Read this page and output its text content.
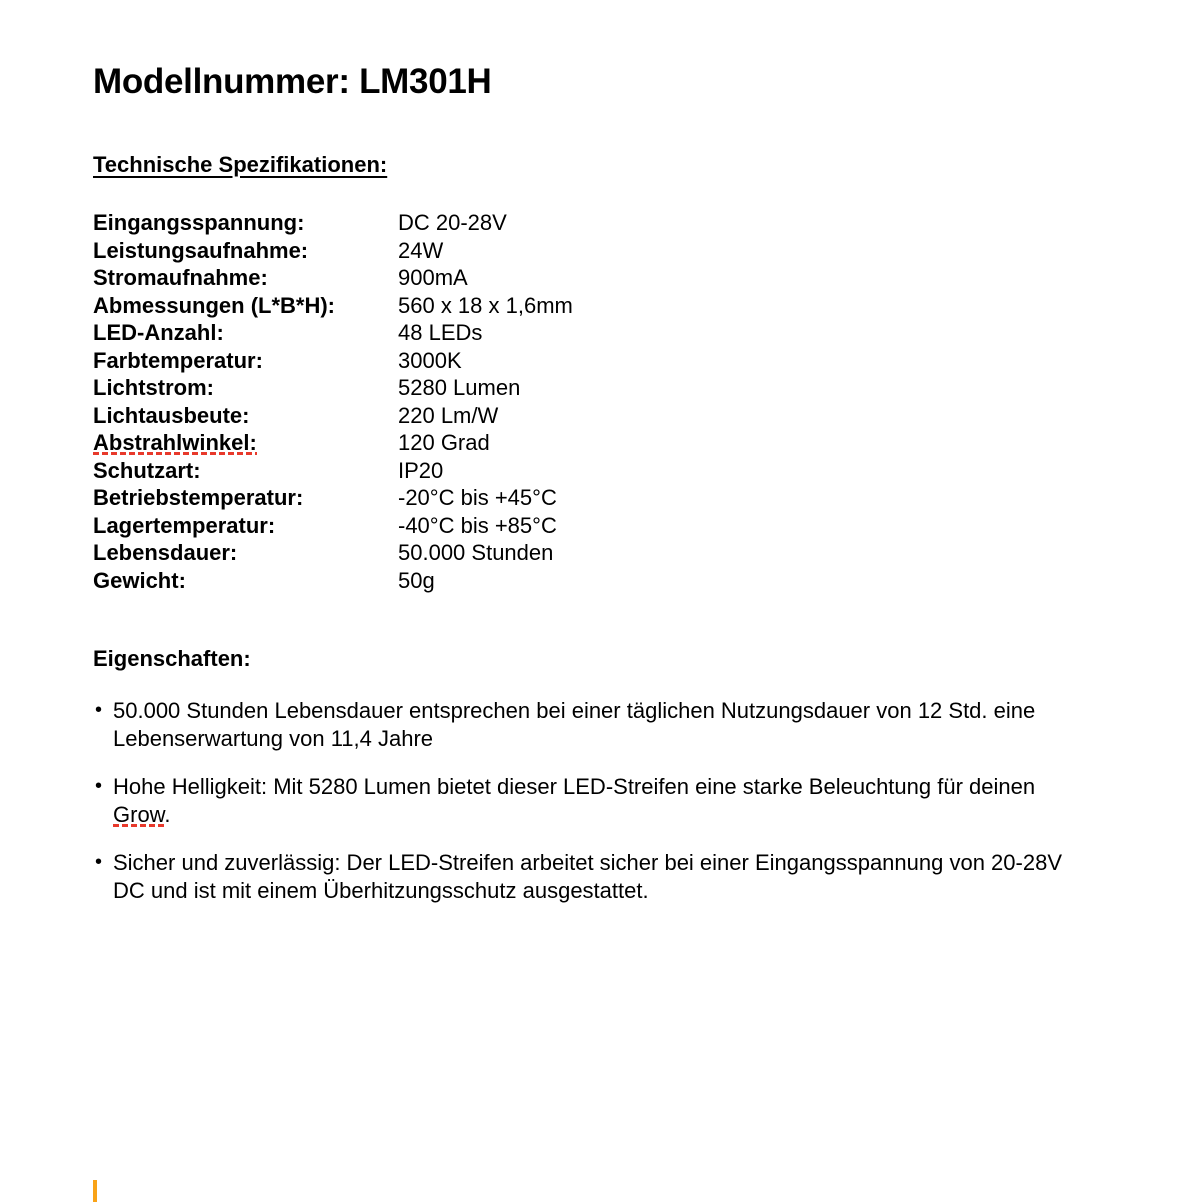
Modellnummer: LM301H
Technische Spezifikationen:
Eingangsspannung:	DC 20-28V
Leistungsaufnahme:	24W
Stromaufnahme:	900mA
Abmessungen (L*B*H):	560 x 18 x 1,6mm
LED-Anzahl:	48 LEDs
Farbtemperatur:	3000K
Lichtstrom:	5280 Lumen
Lichtausbeute:	220 Lm/W
Abstrahlwinkel:	120 Grad
Schutzart:	IP20
Betriebstemperatur:	-20°C bis +45°C
Lagertemperatur:	-40°C bis +85°C
Lebensdauer:	50.000 Stunden
Gewicht:	50g
Eigenschaften:
• 50.000 Stunden Lebensdauer entsprechen bei einer täglichen Nutzungsdauer von 12 Std. eine Lebenserwartung von 11,4 Jahre
• Hohe Helligkeit: Mit 5280 Lumen bietet dieser LED-Streifen eine starke Beleuchtung für deinen Grow.
• Sicher und zuverlässig: Der LED-Streifen arbeitet sicher bei einer Eingangsspannung von 20-28V DC und ist mit einem Überhitzungsschutz ausgestattet.
